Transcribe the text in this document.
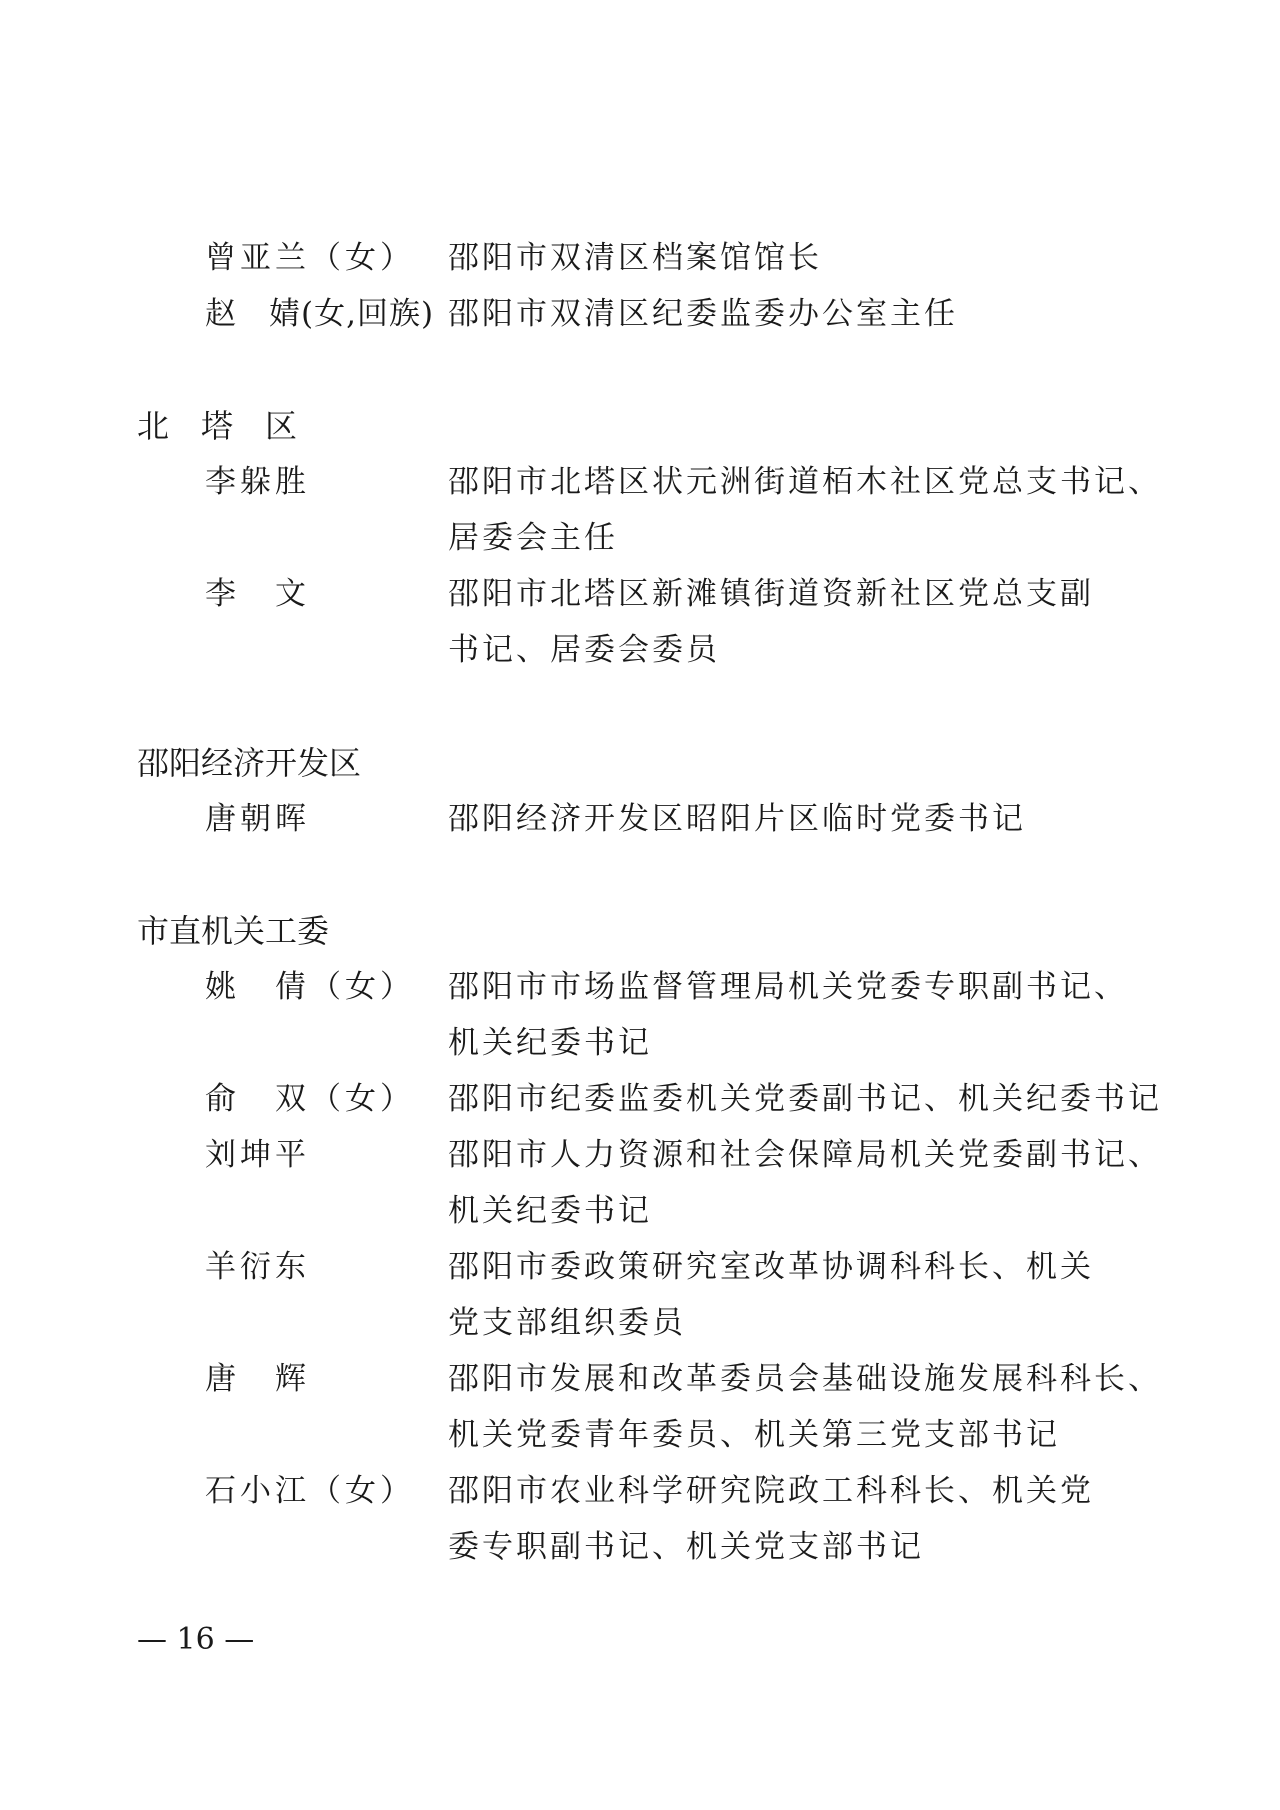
曾亚兰（女） 邵阳市双清区档案馆馆长
赵　婧(女,回族) 邵阳市双清区纪委监委办公室主任
北　塔　区
李躲胜	邵阳市北塔区状元洲街道栢木社区党总支书记、
居委会主任
李　文	邵阳市北塔区新滩镇街道资新社区党总支副
书记、居委会委员
邵阳经济开发区
唐朝晖	邵阳经济开发区昭阳片区临时党委书记
市直机关工委
姚　倩（女） 邵阳市市场监督管理局机关党委专职副书记、
机关纪委书记
俞　双（女） 邵阳市纪委监委机关党委副书记、机关纪委书记
刘坤平	邵阳市人力资源和社会保障局机关党委副书记、
机关纪委书记
羊衍东	邵阳市委政策研究室改革协调科科长、机关
党支部组织委员
唐　辉	邵阳市发展和改革委员会基础设施发展科科长、
机关党委青年委员、机关第三党支部书记
石小江（女） 邵阳市农业科学研究院政工科科长、机关党
委专职副书记、机关党支部书记
— 16 —
